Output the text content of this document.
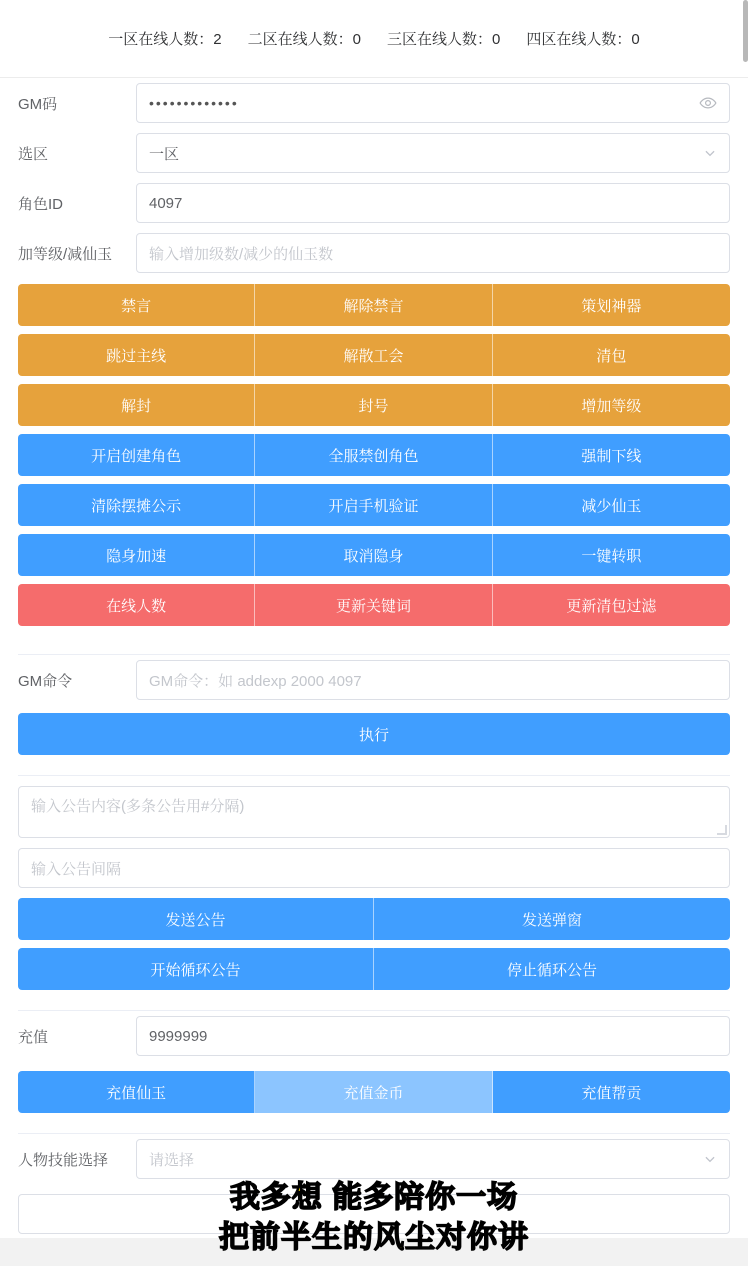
一区在线人数：2 二区在线人数：0 三区在线人数：0 四区在线人数：0
GM码	•••••••••••••
选区	一区
角色ID	4097
加等级/减仙玉	输入增加级数/减少的仙玉数
禁言	解除禁言	策划神器
跳过主线	解散工会	清包
解封	封号	增加等级
开启创建角色	全服禁创角色	强制下线
清除摆摊公示	开启手机验证	减少仙玉
隐身加速	取消隐身	一键转职
在线人数	更新关键词	更新清包过滤
GM命令	GM命令：如 addexp 2000 4097
执行
输入公告内容(多条公告用#分隔)
输入公告间隔
发送公告	发送弹窗
开始循环公告	停止循环公告
充值	9999999
充值仙玉	充值金币	充值帮贡
人物技能选择	请选择
我多想 能多陪你一场
把前半生的风尘对你讲
